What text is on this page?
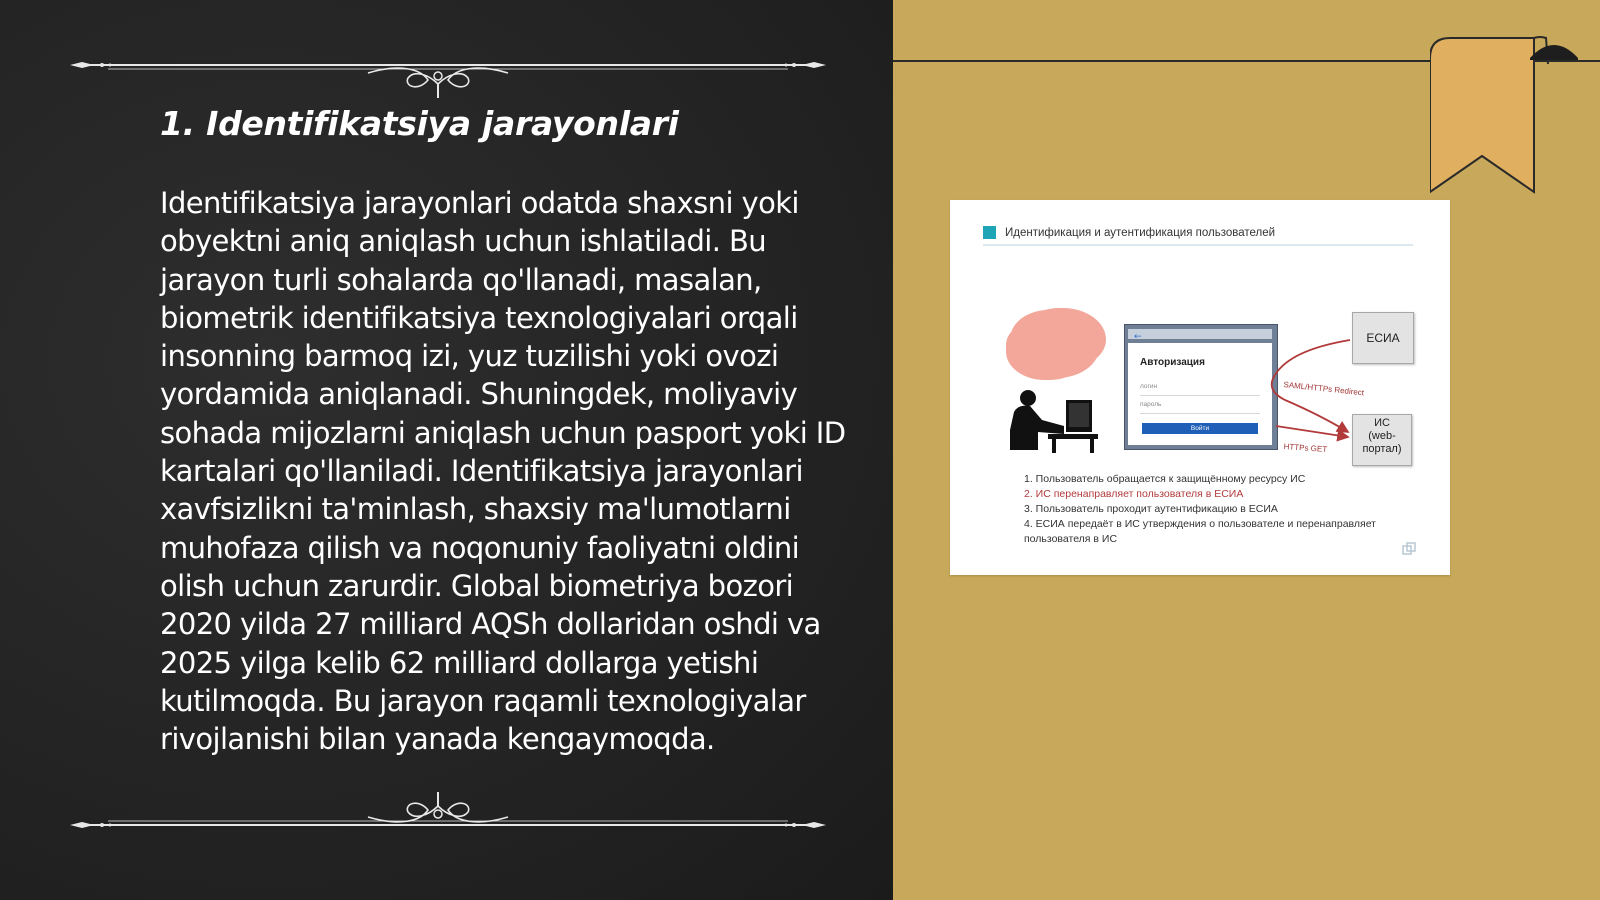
1. Identifikatsiya jarayonlari

Identifikatsiya jarayonlari odatda shaxsni yoki obyektni aniq aniqlash uchun ishlatiladi. Bu jarayon turli sohalarda qo'llanadi, masalan, biometrik identifikatsiya texnologiyalari orqali insonning barmoq izi, yuz tuzilishi yoki ovozi yordamida aniqlanadi. Shuningdek, moliyaviy sohada mijozlarni aniqlash uchun pasport yoki ID kartalari qo'llaniladi. Identifikatsiya jarayonlari xavfsizlikni ta'minlash, shaxsiy ma'lumotlarni muhofaza qilish va noqonuniy faoliyatni oldini olish uchun zarurdir. Global biometriya bozori 2020 yilda 27 milliard AQSh dollaridan oshdi va 2025 yilga kelib 62 milliard dollarga yetishi kutilmoqda. Bu jarayon raqamli texnologiyalar rivojlanishi bilan yanada kengaymoqda.

Идентификация и аутентификация пользователей
←
Авторизация
логин
пароль
Войти
SAML/HTTPs Redirect
HTTPs GET
ЕСИА
ИС
(web-
портал)
1. Пользователь обращается к защищённому ресурсу ИС
2. ИС перенаправляет пользователя в ЕСИА
3. Пользователь проходит аутентификацию в ЕСИА
4. ЕСИА передаёт в ИС утверждения о пользователе и перенаправляет пользователя в ИС
